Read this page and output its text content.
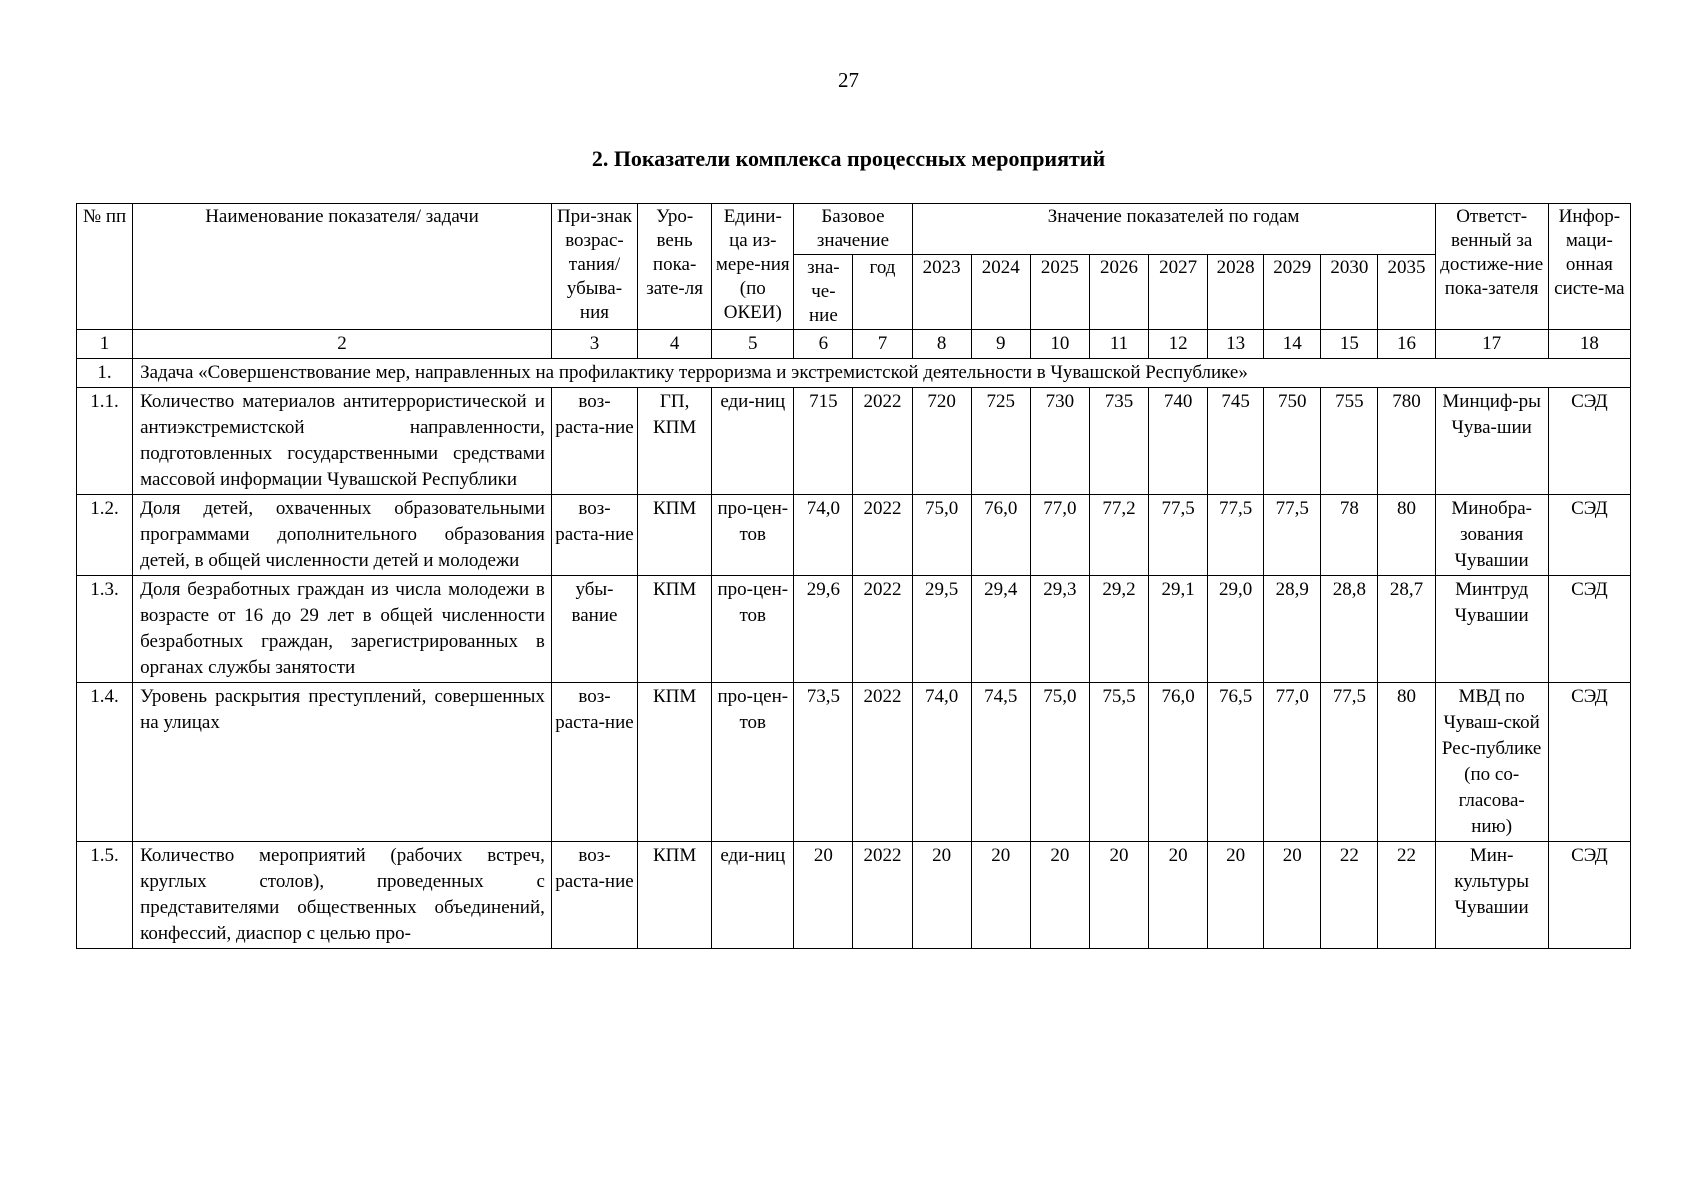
27
2. Показатели комплекса процессных мероприятий
№ пп	Наименование показателя/ задачи	При-знак возрас-тания/ убыва-ния	Уро-вень пока-зате-ля	Едини-ца из-мере-ния (по ОКЕИ)	Базовое значение		Значение показателей по годам									Ответст-венный за достиже-ние пока-зателя	Инфор-маци-онная систе-ма
					зна-че-ние	год	2023	2024	2025	2026	2027	2028	2029	2030	2035		
1	2	3	4	5	6	7	8	9	10	11	12	13	14	15	16	17	18
1.	Задача «Совершенствование мер, направленных на профилактику терроризма и экстремистской деятельности в Чувашской Республике»																
1.1.	Количество материалов антитеррористической и антиэкстремистской направленности, подготовленных государственными средствами массовой информации Чувашской Республики	воз-раста-ние	ГП, КПМ	еди-ниц	715	2022	720	725	730	735	740	745	750	755	780	Минциф-ры Чува-шии	СЭД
1.2.	Доля детей, охваченных образовательными программами дополнительного образования детей, в общей численности детей и молодежи	воз-раста-ние	КПМ	про-цен-тов	74,0	2022	75,0	76,0	77,0	77,2	77,5	77,5	77,5	78	80	Минобра-зования Чувашии	СЭД
1.3.	Доля безработных граждан из числа молодежи в возрасте от 16 до 29 лет в общей численности безработных граждан, зарегистрированных в органах службы занятости	убы-вание	КПМ	про-цен-тов	29,6	2022	29,5	29,4	29,3	29,2	29,1	29,0	28,9	28,8	28,7	Минтруд Чувашии	СЭД
1.4.	Уровень раскрытия преступлений, совершенных на улицах	воз-раста-ние	КПМ	про-цен-тов	73,5	2022	74,0	74,5	75,0	75,5	76,0	76,5	77,0	77,5	80	МВД по Чуваш-ской Рес-публике (по со-гласова-нию)	СЭД
1.5.	Количество мероприятий (рабочих встреч, круглых столов), проведенных с представителями общественных объединений, конфессий, диаспор с целью про-	воз-раста-ние	КПМ	еди-ниц	20	2022	20	20	20	20	20	20	20	22	22	Мин-культуры Чувашии	СЭД
